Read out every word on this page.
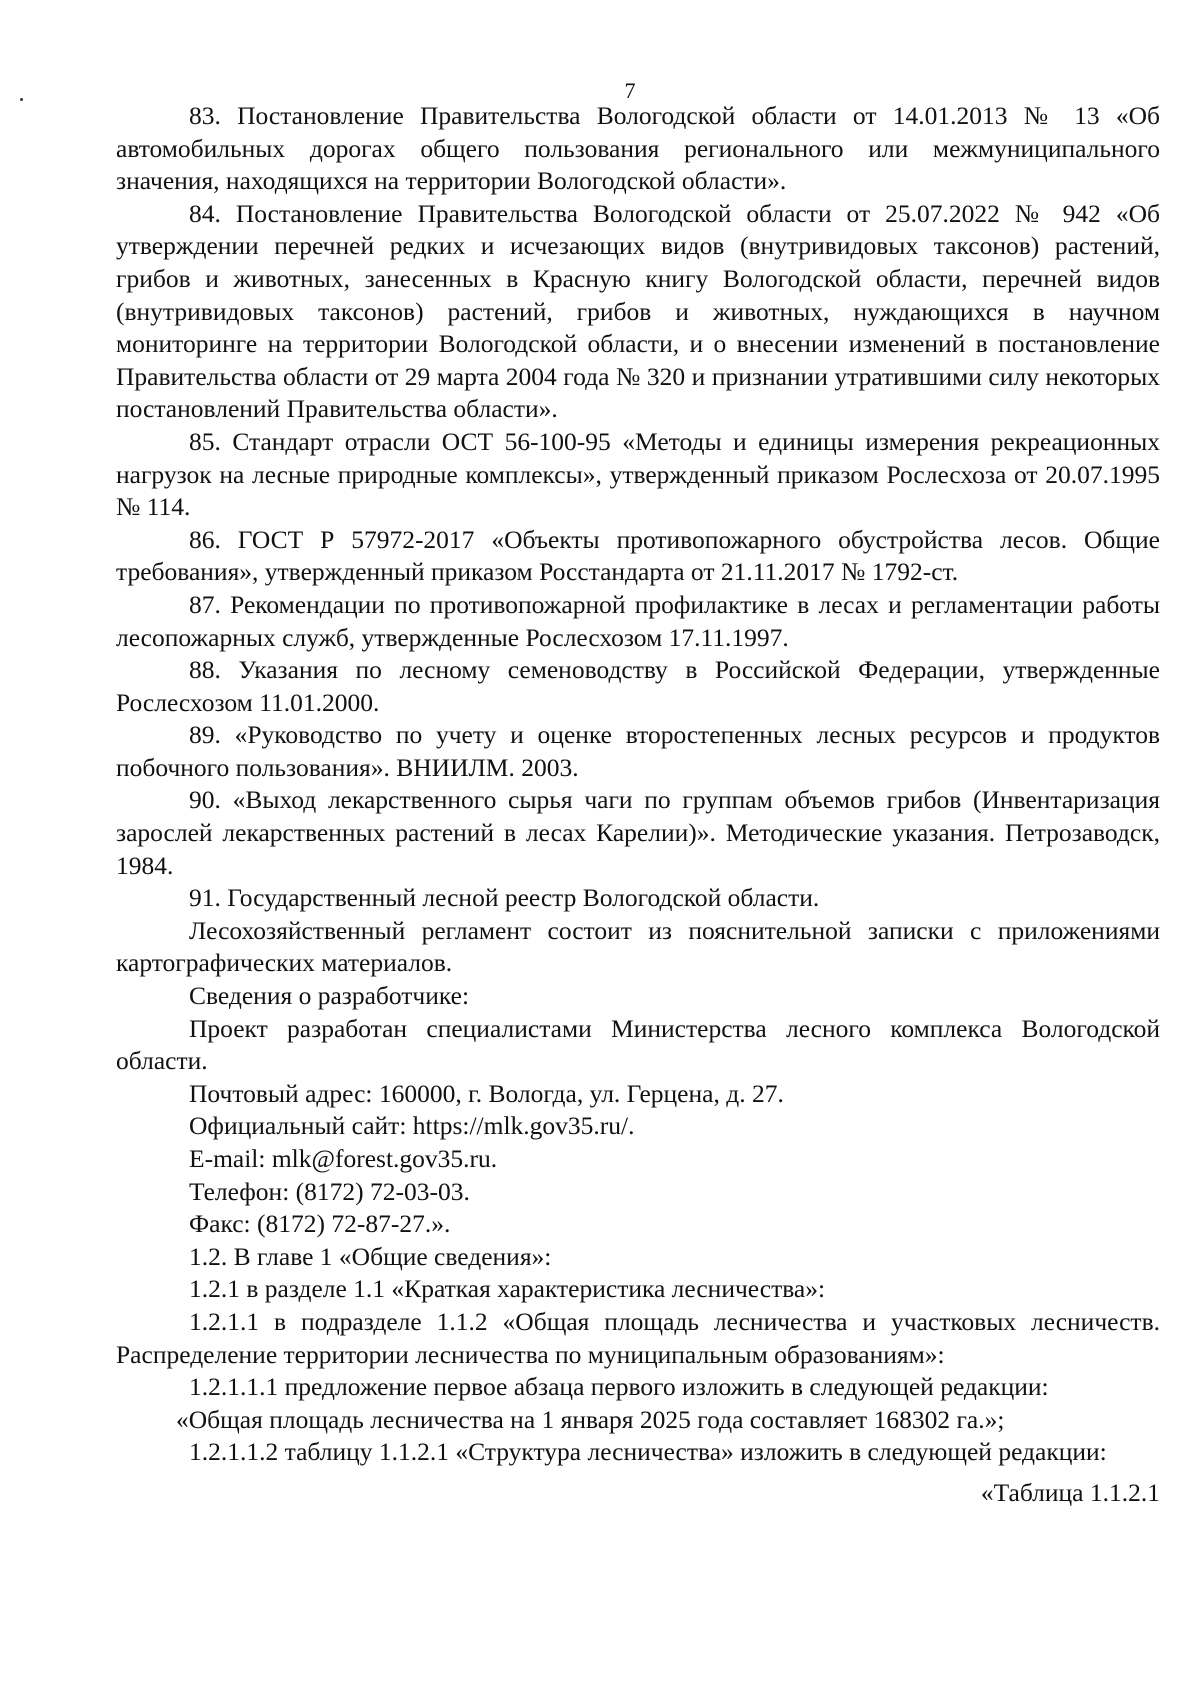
7

83. Постановление Правительства Вологодской области от 14.01.2013 № 13 «Об автомобильных дорогах общего пользования регионального или межмуниципального значения, находящихся на территории Вологодской области».

84. Постановление Правительства Вологодской области от 25.07.2022 № 942 «Об утверждении перечней редких и исчезающих видов (внутривидовых таксонов) растений, грибов и животных, занесенных в Красную книгу Вологодской области, перечней видов (внутривидовых таксонов) растений, грибов и животных, нуждающихся в научном мониторинге на территории Вологодской области, и о внесении изменений в постановление Правительства области от 29 марта 2004 года № 320 и признании утратившими силу некоторых постановлений Правительства области».

85. Стандарт отрасли ОСТ 56-100-95 «Методы и единицы измерения рекреационных нагрузок на лесные природные комплексы», утвержденный приказом Рослесхоза от 20.07.1995 № 114.

86. ГОСТ Р 57972-2017 «Объекты противопожарного обустройства лесов. Общие требования», утвержденный приказом Росстандарта от 21.11.2017 № 1792-ст.

87. Рекомендации по противопожарной профилактике в лесах и регламентации работы лесопожарных служб, утвержденные Рослесхозом 17.11.1997.

88. Указания по лесному семеноводству в Российской Федерации, утвержденные Рослесхозом 11.01.2000.

89. «Руководство по учету и оценке второстепенных лесных ресурсов и продуктов побочного пользования». ВНИИЛМ. 2003.

90. «Выход лекарственного сырья чаги по группам объемов грибов (Инвентаризация зарослей лекарственных растений в лесах Карелии)». Методические указания. Петрозаводск, 1984.

91. Государственный лесной реестр Вологодской области.

Лесохозяйственный регламент состоит из пояснительной записки с приложениями картографических материалов.

Сведения о разработчике:

Проект разработан специалистами Министерства лесного комплекса Вологодской области.

Почтовый адрес: 160000, г. Вологда, ул. Герцена, д. 27.

Официальный сайт: https://mlk.gov35.ru/.

E-mail: mlk@forest.gov35.ru.

Телефон: (8172) 72-03-03.

Факс: (8172) 72-87-27.».

1.2. В главе 1 «Общие сведения»:

1.2.1 в разделе 1.1 «Краткая характеристика лесничества»:

1.2.1.1 в подразделе 1.1.2 «Общая площадь лесничества и участковых лесничеств. Распределение территории лесничества по муниципальным образованиям»:

1.2.1.1.1 предложение первое абзаца первого изложить в следующей редакции:

«Общая площадь лесничества на 1 января 2025 года составляет 168302 га.»;

1.2.1.1.2 таблицу 1.1.2.1 «Структура лесничества» изложить в следующей редакции:

«Таблица 1.1.2.1
